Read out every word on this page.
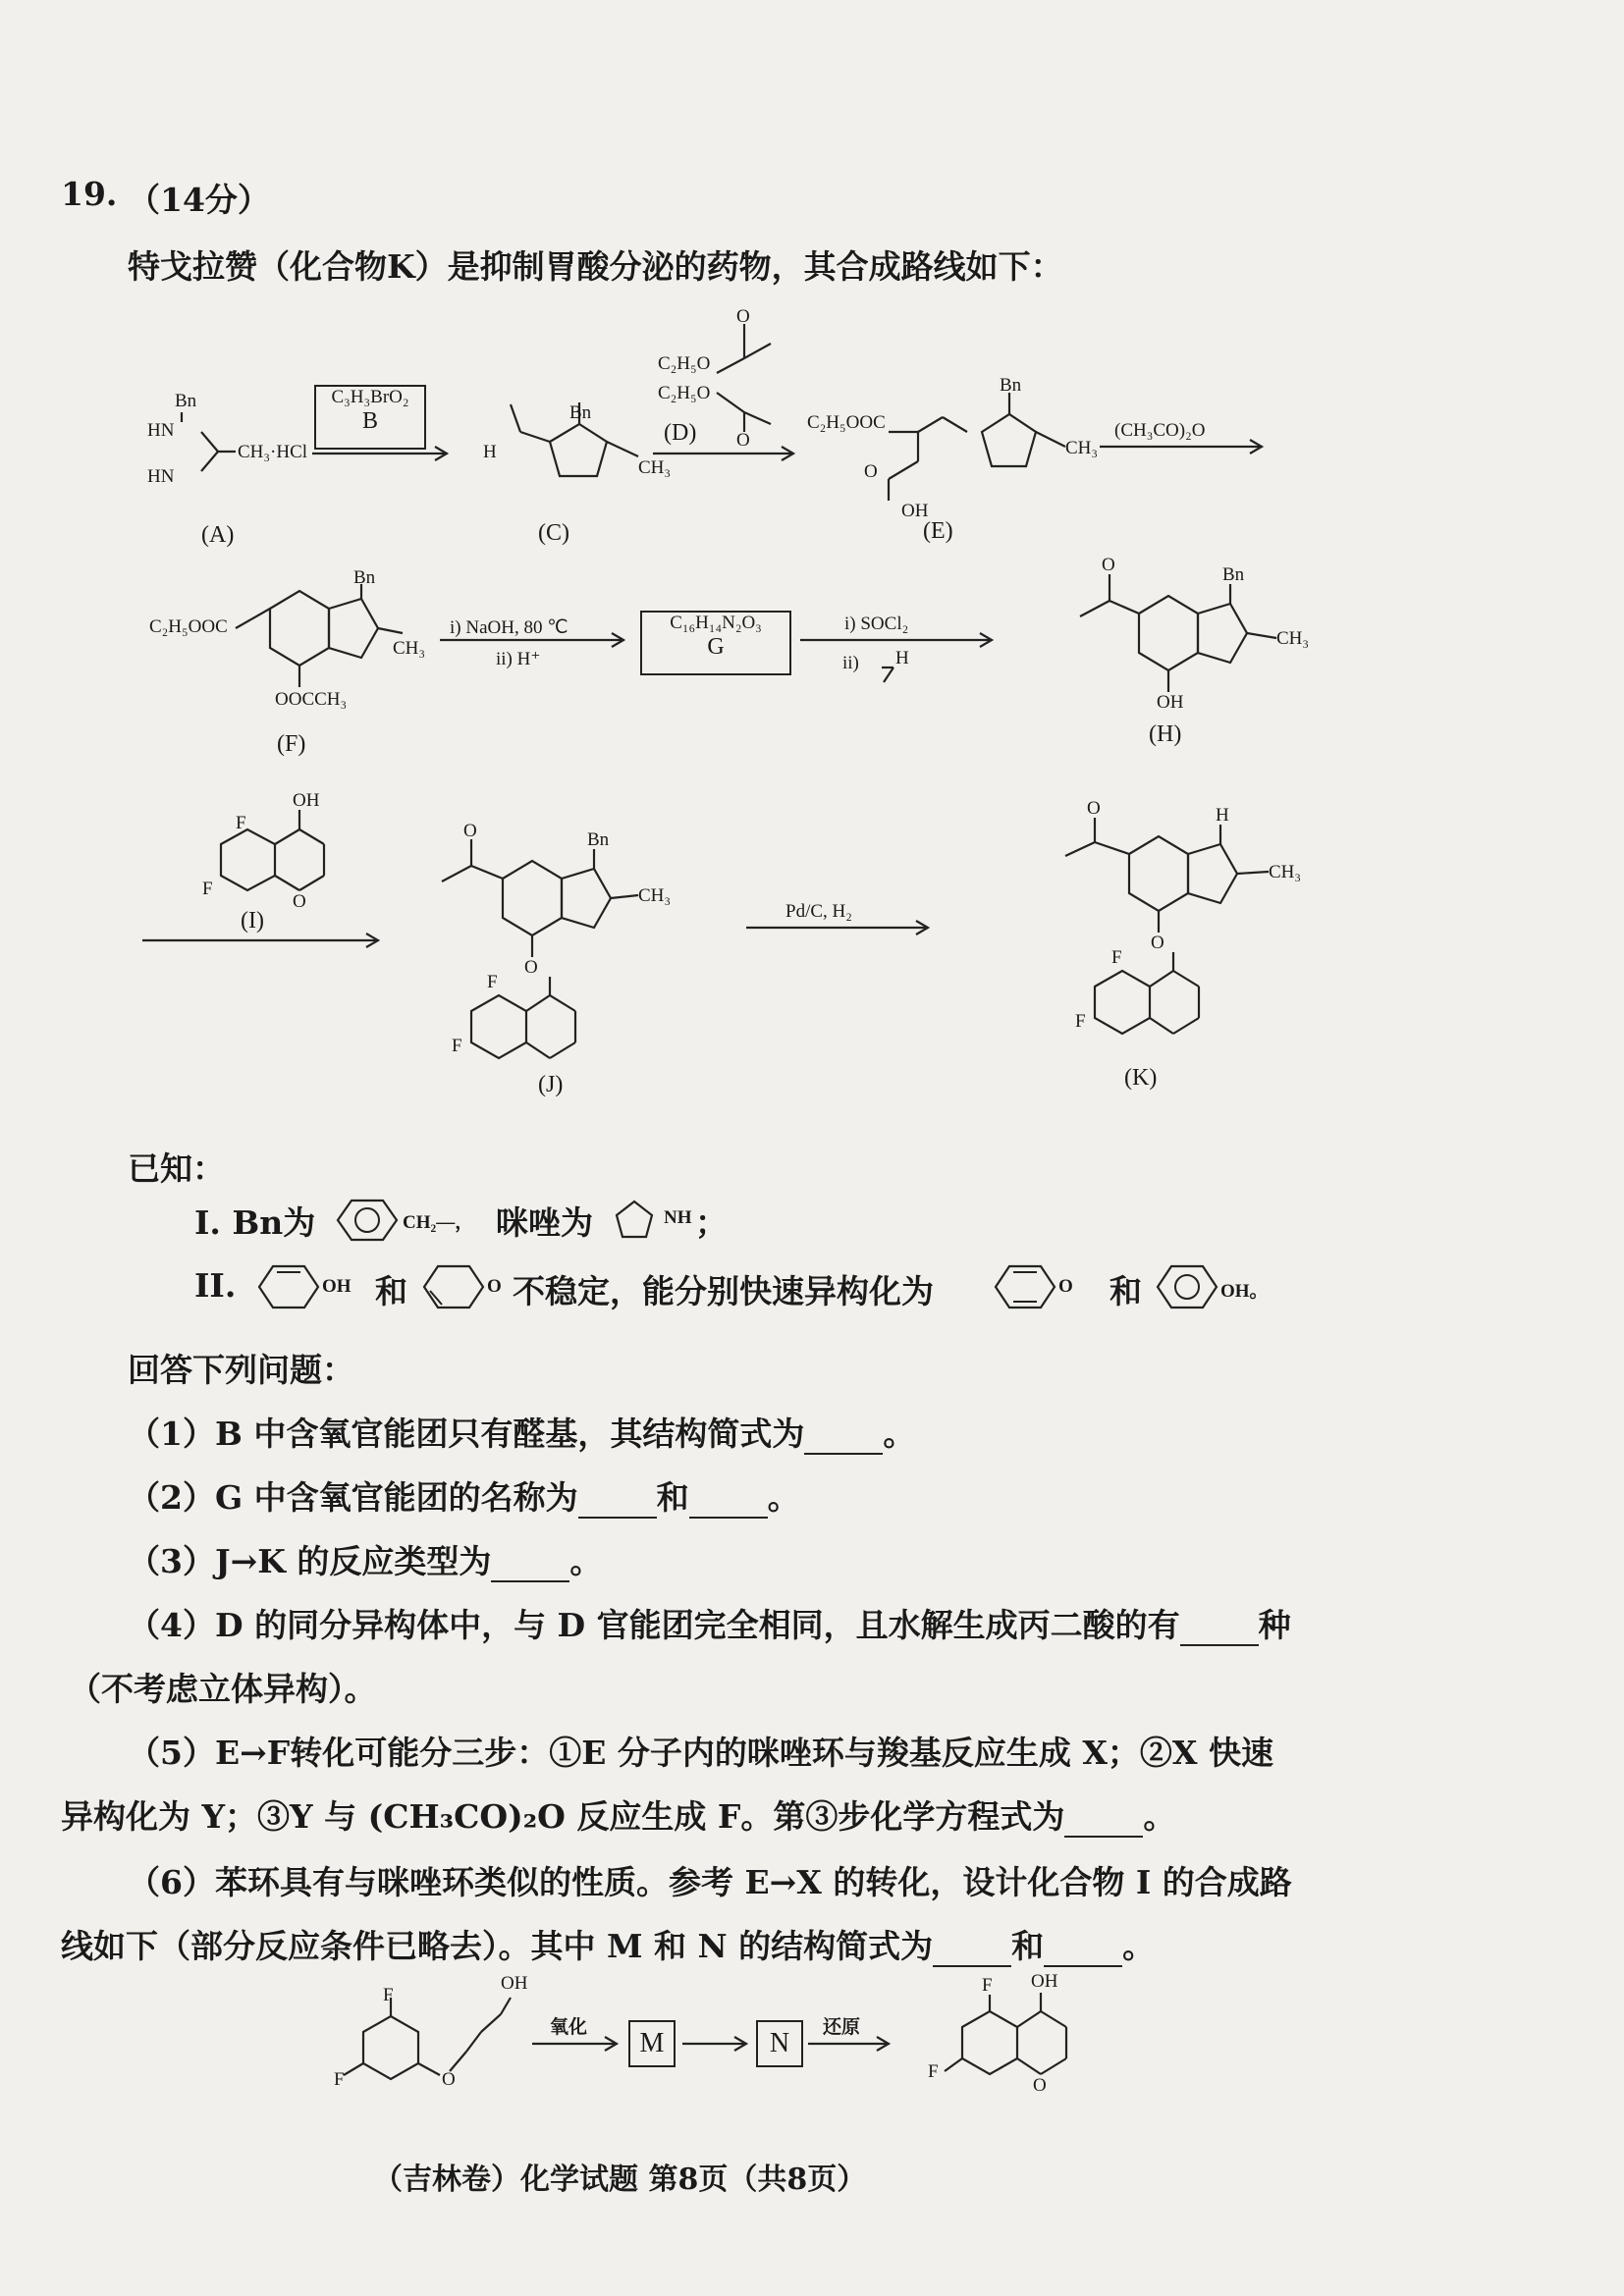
19. （14分）
特戈拉赞（化合物K）是抑制胃酸分泌的药物，其合成路线如下：
Bn
HN
CH₃·HCl
HN
(A)
C₃H₃BrO₂
B	Bn
H
CH₃
(C)
C₂H₅O
C₂H₅O
O
O
(D)	C₂H₅OOC
O
OH
Bn
CH₃
(E)
(CH₃CO)₂O
C₂H₅OOC
Bn
CH₃
OOCCH₃
(F)
i) NaOH, 80 ℃
ii) H⁺
C₁₆H₁₄N₂O₃
G
i) SOCl₂
ii) H
O	Bn
CH₃
OH
(H)
F
F
OH
O
(I)
O	Bn
CH₃
O
F
F
(J)
Pd/C, H₂
O	H
CH₃
O
F
F
(K)
已知：
I. Bn为	CH₂—， 咪唑为	NH ；
II.	OH 和	O 不稳定，能分别快速异构化为	O 和	OH。
回答下列问题：
（1）B 中含氧官能团只有醛基，其结构简式为 。
（2）G 中含氧官能团的名称为 和 。
（3）J→K 的反应类型为 。
（4）D 的同分异构体中，与 D 官能团完全相同，且水解生成丙二酸的有 种
（不考虑立体异构）。
（5）E→F转化可能分三步：①E 分子内的咪唑环与羧基反应生成 X；②X 快速
异构化为 Y；③Y 与 (CH₃CO)₂O 反应生成 F。第③步化学方程式为 。
（6）苯环具有与咪唑环类似的性质。参考 E→X 的转化，设计化合物 I 的合成路
线如下（部分反应条件已略去）。其中 M 和 N 的结构简式为 和 。
F
F	O
OH
氧化
M	N
还原
F OH
F
O
（吉林卷）化学试题 第8页（共8页）
